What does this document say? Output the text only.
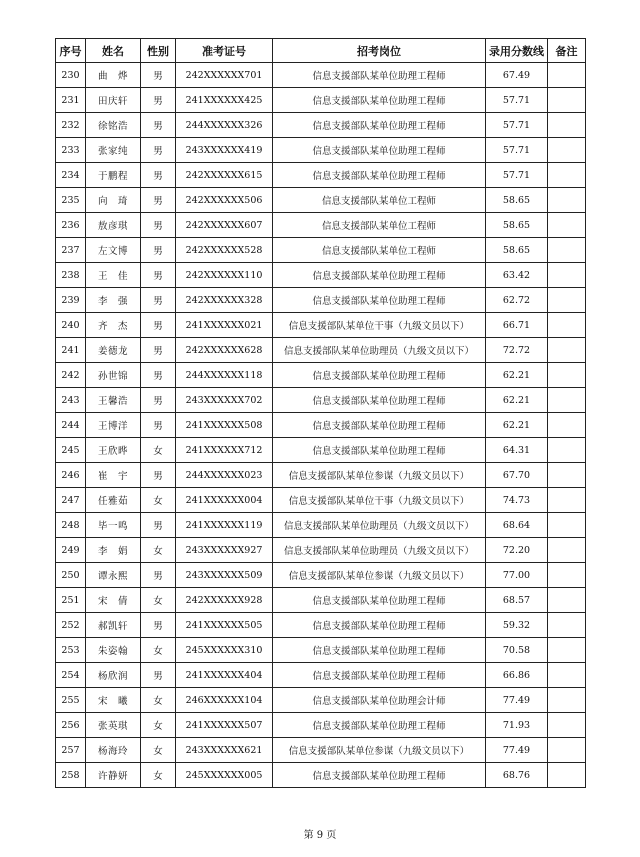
序号	姓名	性别	准考证号	招考岗位	录用分数线	备注
230	曲　烨	男	242XXXXXX701	信息支援部队某单位助理工程师	67.49	
231	田庆轩	男	241XXXXXX425	信息支援部队某单位助理工程师	57.71	
232	徐铭浩	男	244XXXXXX326	信息支援部队某单位助理工程师	57.71	
233	张家纯	男	243XXXXXX419	信息支援部队某单位助理工程师	57.71	
234	于鹏程	男	242XXXXXX615	信息支援部队某单位助理工程师	57.71	
235	向　琦	男	242XXXXXX506	信息支援部队某单位工程师	58.65	
236	敖彦琪	男	242XXXXXX607	信息支援部队某单位工程师	58.65	
237	左文博	男	242XXXXXX528	信息支援部队某单位工程师	58.65	
238	王　佳	男	242XXXXXX110	信息支援部队某单位助理工程师	63.42	
239	李　强	男	242XXXXXX328	信息支援部队某单位助理工程师	62.72	
240	齐　杰	男	241XXXXXX021	信息支援部队某单位干事（九级文员以下）	66.71	
241	姜德龙	男	242XXXXXX628	信息支援部队某单位助理员（九级文员以下）	72.72	
242	孙世锦	男	244XXXXXX118	信息支援部队某单位助理工程师	62.21	
243	王馨浩	男	243XXXXXX702	信息支援部队某单位助理工程师	62.21	
244	王博洋	男	241XXXXXX508	信息支援部队某单位助理工程师	62.21	
245	王欣晔	女	241XXXXXX712	信息支援部队某单位助理工程师	64.31	
246	崔　宇	男	244XXXXXX023	信息支援部队某单位参谋（九级文员以下）	67.70	
247	任雅茹	女	241XXXXXX004	信息支援部队某单位干事（九级文员以下）	74.73	
248	毕一鸣	男	241XXXXXX119	信息支援部队某单位助理员（九级文员以下）	68.64	
249	李　娟	女	243XXXXXX927	信息支援部队某单位助理员（九级文员以下）	72.20	
250	谭永熙	男	243XXXXXX509	信息支援部队某单位参谋（九级文员以下）	77.00	
251	宋　倩	女	242XXXXXX928	信息支援部队某单位助理工程师	68.57	
252	郝凯轩	男	241XXXXXX505	信息支援部队某单位助理工程师	59.32	
253	朱姿翰	女	245XXXXXX310	信息支援部队某单位助理工程师	70.58	
254	杨欣润	男	241XXXXXX404	信息支援部队某单位助理工程师	66.86	
255	宋　曦	女	246XXXXXX104	信息支援部队某单位助理会计师	77.49	
256	张英琪	女	241XXXXXX507	信息支援部队某单位助理工程师	71.93	
257	杨海玲	女	243XXXXXX621	信息支援部队某单位参谋（九级文员以下）	77.49	
258	许静妍	女	245XXXXXX005	信息支援部队某单位助理工程师	68.76	
第 9 页
